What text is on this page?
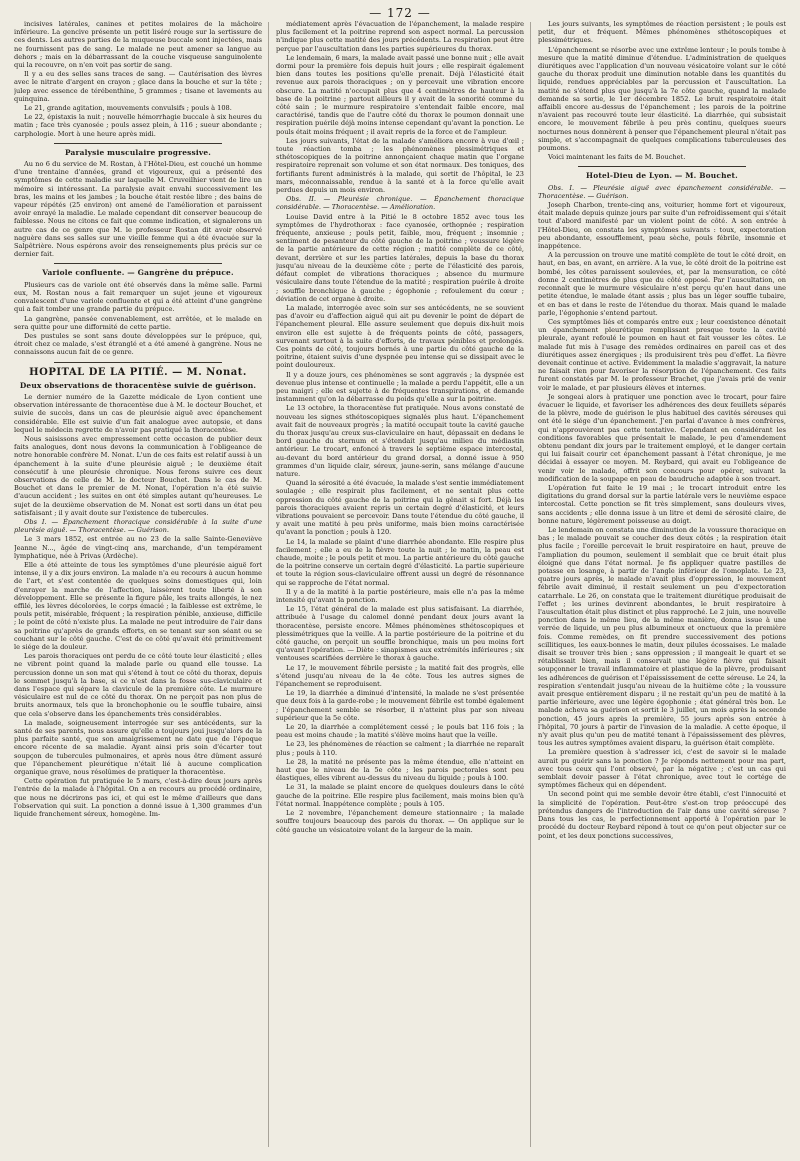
— 172 —

incisives latérales, canines et petites molaires de la mâchoire inférieure. La gencive présente un petit liséré rouge sur la sertissure de ces dents. Les autres parties de la muqueuse buccale sont injectées, mais ne fournissent pas de sang. Le malade ne peut amener sa langue au dehors ; mais en la débarrassant de la couche visqueuse sanguinolente qui la recouvre, on n'en voit pas sortir de sang.

Il y a eu des selles sans traces de sang. — Cautérisation des lèvres avec le nitrate d'argent en crayon ; glace dans la bouche et sur la tête ; julep avec essence de térébenthine, 5 grammes ; tisane et lavements au quinquina.

Le 21, grande agitation, mouvements convulsifs ; pouls à 108.

Le 22, épistaxis la nuit ; nouvelle hémorrhagie buccale à six heures du matin ; face très cyanosée ; pouls assez plein, à 116 ; sueur abondante ; carphologie. Mort à une heure après midi.

Paralysie musculaire progressive.

Au no 6 du service de M. Rostan, à l'Hôtel-Dieu, est couché un homme d'une trentaine d'années, grand et vigoureux, qui a présenté des symptômes de cette maladie sur laquelle M. Cruveilhier vient de lire un mémoire si intéressant. La paralysie avait envahi successivement les bras, les mains et les jambes ; la bouche était restée libre ; des bains de vapeur répétés (25 environ) ont amené de l'amélioration et paraissent avoir enrayé la maladie. Le malade cependant dit conserver beaucoup de faiblesse. Nous ne citons ce fait que comme indication, et signalerons un autre cas de ce genre que M. le professeur Rostan dit avoir observé naguère dans ses salles sur une vieille femme qui a été évacuée sur la Salpêtrière. Nous espérons avoir des renseignements plus précis sur ce dernier fait.

Variole confluente. — Gangrène du prépuce.

Plusieurs cas de variole ont été observés dans la même salle. Parmi eux, M. Rostan nous a fait remarquer un sujet jeune et vigoureux convalescent d'une variole confluente et qui a été atteint d'une gangrène qui a fait tomber une grande partie du prépuce.

La gangrène, pansée convenablement, est arrêtée, et le malade en sera quitte pour une difformité de cette partie.

Des pustules se sont sans doute développées sur le prépuce, qui, étroit chez ce malade, s'est étranglé et a été amené à gangrène. Nous ne connaissons aucun fait de ce genre.

HOPITAL DE LA PITIÉ. — M. Nonat.
Deux observations de thoracentèse suivie de guérison.

Le dernier numéro de la Gazette médicale de Lyon contient une observation intéressante de thoracentèse due à M. le docteur Bouchet, et suivie de succès, dans un cas de pleurésie aiguë avec épanchement considérable. Elle est suivie d'un fait analogue avec autopsie, et dans lequel le médecin regrette de n'avoir pas pratiqué la thoracentèse.

Nous saisissons avec empressement cette occasion de publier deux faits analogues, dont nous devons la communication à l'obligeance de notre honorable confrère M. Nonat. L'un de ces faits est relatif aussi à un épanchement à la suite d'une pleurésie aiguë ; le deuxième était consécutif à une pleurésie chronique. Nous ferons suivre ces deux observations de celle de M. le docteur Bouchet. Dans le cas de M. Bouchet et dans le premier de M. Nonat, l'opération n'a été suivie d'aucun accident ; les suites en ont été simples autant qu'heureuses. Le sujet de la deuxième observation de M. Nonat est sorti dans un état peu satisfaisant ; il y avait doute sur l'existence de tubercules.

Obs I. — Épanchement thoracique considérable à la suite d'une pleurésie aiguë. — Thoracentèse. — Guérison.

Le 3 mars 1852, est entrée au no 23 de la salle Sainte-Geneviève Jeanne N..., âgée de vingt-cinq ans, marchande, d'un tempérament lymphatique, née à Privas (Ardèche).

Elle a été atteinte de tous les symptômes d'une pleurésie aiguë fort intense, il y a dix jours environ. La malade n'a eu recours à aucun homme de l'art, et s'est contentée de quelques soins domestiques qui, loin d'enrayer la marche de l'affection, laissèrent toute liberté à son développement. Elle se présente la figure pâle, les traits allongés, le nez effilé, les lèvres décolorées, le corps émacié ; la faiblesse est extrême, le pouls petit, misérable, fréquent ; la respiration pénible, anxieuse, difficile ; le point de côté n'existe plus. La malade ne peut introduire de l'air dans sa poitrine qu'après de grands efforts, en se tenant sur son séant ou se couchant sur le côté gauche. C'est de ce côté qu'avait été primitivement le siége de la douleur.

Les parois thoraciques ont perdu de ce côté toute leur élasticité ; elles ne vibrent point quand la malade parle ou quand elle tousse. La percussion donne un son mat qui s'étend à tout ce côté du thorax, depuis le sommet jusqu'à la base, si ce n'est dans la fosse sus-claviculaire et dans l'espace qui sépare la clavicule de la première côte. Le murmure vésiculaire est nul de ce côté du thorax. On ne perçoit pas non plus de bruits anormaux, tels que la bronchophonie ou le souffle tubaire, ainsi que cela s'observe dans les épanchements très considérables.

La malade, soigneusement interrogée sur ses antécédents, sur la santé de ses parents, nous assure qu'elle a toujours joui jusqu'alors de la plus parfaite santé, que son amaigrissement ne date que de l'époque encore récente de sa maladie. Ayant ainsi pris soin d'écarter tout soupçon de tubercules pulmonaires, et après nous être dûment assuré que l'épanchement pleurétique n'était lié à aucune complication organique grave, nous résolûmes de pratiquer la thoracentèse.

Cette opération fut pratiquée le 5 mars, c'est-à-dire deux jours après l'entrée de la malade à l'hôpital. On a en recours au procédé ordinaire, que nous ne décrirons pas ici, et qui est le même d'ailleurs que dans l'observation qui suit. La ponction a donné issue à 1,300 grammes d'un liquide franchement séreux, homogène. Im-

médiatement après l'évacuation de l'épanchement, la malade respire plus facilement et la poitrine reprend son aspect normal. La percussion n'indique plus cette matité des jours précédents. La respiration peut être perçue par l'auscultation dans les parties supérieures du thorax.

Le lendemain, 6 mars, la malade avait passé une bonne nuit ; elle avait dormi pour la première fois depuis huit jours ; elle respirait également bien dans toutes les positions qu'elle prenait. Déjà l'élasticité était revenue aux parois thoraciques ; on y percevait une vibration encore obscure. La matité n'occupait plus que 4 centimètres de hauteur à la base de la poitrine ; partout ailleurs il y avait de la sonorité comme du côté sain ; le murmure respiratoire s'entendait faible encore, mal caractérisé, tandis que de l'autre côté du thorax le poumon donnait une respiration puérile déjà moins intense cependant qu'avant la ponction. Le pouls était moins fréquent ; il avait repris de la force et de l'ampleur.

Les jours suivants, l'état de la malade s'améliora encore à vue d'œil ; toute réaction tomba ; les phénomènes plessimétriques et sthétoscopiques de la poitrine annonçaient chaque matin que l'organe respiratoire reprenait son volume et son état normaux. Des toniques, des fortifiants furent administrés à la malade, qui sortit de l'hôpital, le 23 mars, méconnaissable, rendue à la santé et à la force qu'elle avait perdues depuis un mois environ.

Obs. II. — Pleurésie chronique. — Épanchement thoracique considérable. — Thoracentèse. — Amélioration.

Louise David entre à la Pitié le 8 octobre 1852 avec tous les symptômes de l'hydrothorax : face cyanosée, orthopnée ; respiration fréquente, anxieuse ; pouls petit, faible, mou, fréquent ; insomnie ; sentiment de pesanteur du côté gauche de la poitrine ; voussure légère de la partie antérieure de cette région ; matité complète de ce côté, devant, derrière et sur les parties latérales, depuis la base du thorax jusqu'au niveau de la deuxième côte ; perte de l'élasticité des parois, défaut complet de vibrations thoraciques ; absence du murmure vésiculaire dans toute l'étendue de la matité ; respiration puérile à droite ; souffle bronchique à gauche ; égophonie ; refoulement du cœur ; déviation de cet organe à droite.

La malade, interrogée avec soin sur ses antécédents, ne se souvient pas d'avoir eu d'affection aiguë qui ait pu devenir le point de départ de l'épanchement pleural. Elle assure seulement que depuis dix-huit mois environ elle est sujette à de fréquents points de côté, passagers, survenant surtout à la suite d'efforts, de travaux pénibles et prolongés. Ces points de côté, toujours bornés à une partie du côté gauche de la poitrine, étaient suivis d'une dyspnée peu intense qui se dissipait avec le point douloureux.

Il y a douze jours, ces phénomènes se sont aggravés ; la dyspnée est devenue plus intense et continuelle ; la malade a perdu l'appétit, elle a un peu maigri ; elle est sujette à de fréquentes transpirations, et demande instamment qu'on la débarrasse du poids qu'elle a sur la poitrine.

Le 13 octobre, la thoracentèse fut pratiquée. Nous avons constaté de nouveau les signes sthétoscopiques signalés plus haut. L'épanchement avait fait de nouveaux progrès ; la matité occupait toute la cavité gauche du thorax jusqu'au creux sus-claviculaire en haut, dépassait en dedans le bord gauche du sternum et s'étendait jusqu'au milieu du médiastin antérieur. Le trocart, enfoncé à travers le septième espace intercostal, au-devant du bord antérieur du grand dorsal, a donné issue à 950 grammes d'un liquide clair, séreux, jaune-serin, sans mélange d'aucune nature.

Quand la sérosité a été évacuée, la malade s'est sentie immédiatement soulagée ; elle respirait plus facilement, et ne sentait plus cette oppression du côté gauche de la poitrine qui la gênait si fort. Déjà les parois thoraciques avaient repris un certain degré d'élasticité, et leurs vibrations pouvaient se percevoir. Dans toute l'étendue du côté gauche, il y avait une matité à peu près uniforme, mais bien moins caractérisée qu'avant la ponction ; pouls à 120.

Le 14, la malade se plaint d'une diarrhée abondante. Elle respire plus facilement ; elle a eu de la fièvre toute la nuit ; le matin, la peau est chaude, moite ; le pouls petit et mou. La partie antérieure du côté gauche de la poitrine conserve un certain degré d'élasticité. La partie supérieure et toute la région sous-claviculaire offrent aussi un degré de résonnance qui se rapproche de l'état normal.

Il y a de la matité à la partie postérieure, mais elle n'a pas la même intensité qu'avant la ponction.

Le 15, l'état général de la malade est plus satisfaisant. La diarrhée, attribuée à l'usage du calomel donné pendant deux jours avant la thoracentèse, persiste encore. Mêmes phénomènes sthétoscopiques et plessimétriques que la veille. A la partie postérieure de la poitrine et du côté gauche, on perçoit un souffle bronchique, mais un peu moins fort qu'avant l'opération. — Diète : sinapismes aux extrémités inférieures ; six ventouses scarifiées derrière le thorax à gauche.

Le 17, le mouvement fébrile persiste ; la matité fait des progrès, elle s'étend jusqu'au niveau de la 4e côte. Tous les autres signes de l'épanchement se reproduisent.

Le 19, la diarrhée a diminué d'intensité, la malade ne s'est présentée que deux fois à la garde-robe ; le mouvement fébrile est tombé également ; l'épanchement semble se résorber, il n'atteint plus par son niveau supérieur que la 5e côte.

Le 20, la diarrhée a complétement cessé ; le pouls bat 116 fois ; la peau est moins chaude ; la matité s'élève moins haut que la veille.

Le 23, les phénomènes de réaction se calment ; la diarrhée ne reparaît plus ; pouls à 110.

Le 28, la matité ne présente pas la même étendue, elle n'atteint en haut que le niveau de la 5e côte ; les parois pectorales sont peu élastiques, elles vibrent au-dessus du niveau du liquide ; pouls à 100.

Le 31, la malade se plaint encore de quelques douleurs dans le côté gauche de la poitrine. Elle respire plus facilement, mais moins bien qu'à l'état normal. Inappétence complète ; pouls à 105.

Le 2 novembre, l'épanchement demeure stationnaire ; la malade souffre toujours beaucoup des parois du thorax. — On applique sur le côté gauche un vésicatoire volant de la largeur de la main.

Les jours suivants, les symptômes de réaction persistent ; le pouls est petit, dur et fréquent. Mêmes phénomènes sthétoscopiques et plessimétriques.

L'épanchement se résorbe avec une extrême lenteur ; le pouls tombe à mesure que la matité diminue d'étendue. L'administration de quelques diurétiques avec l'application d'un nouveau vésicatoire volant sur le côté gauche du thorax produit une diminution notable dans les quantités du liquide, rendues appréciables par la percussion et l'auscultation. La matité ne s'étend plus que jusqu'à la 7e côte gauche, quand la malade demande sa sortie, le 1er décembre 1852. Le bruit respiratoire était affaibli encore au-dessus de l'épanchement ; les parois de la poitrine n'avaient pas recouvré toute leur élasticité. La diarrhée, qui subsistait encore, le mouvement fébrile à peu près continu, quelques sueurs nocturnes nous donnèrent à penser que l'épanchement pleural n'était pas simple, et s'accompagnait de quelques complications tuberculeuses des poumons.

Voici maintenant les faits de M. Bouchet.

Hotel-Dieu de Lyon. — M. Bouchet.

Obs. I. — Pleurésie aiguë avec épanchement considérable. — Thoracentèse. — Guérison.

Joseph Charbon, trente-cinq ans, voiturier, homme fort et vigoureux, était malade depuis quinze jours par suite d'un refroidissement qui s'était tout d'abord manifesté par un violent point de côté. A son entrée à l'Hôtel-Dieu, on constata les symptômes suivants : toux, expectoration peu abondante, essoufflement, peau sèche, pouls fébrile, insomnie et inappétence.

A la percussion on trouve une matité complète de tout le côté droit, en haut, en bas, en avant, en arrière. A la vue, le côté droit de la poitrine est bombé, les côtes paraissent soulevées, et, par la mensuration, ce côté donne 2 centimètres de plus que du côté opposé. Par l'auscultation, on reconnaît que le murmure vésiculaire n'est perçu qu'en haut dans une petite étendue, le malade étant assis ; plus bas un léger souffle tubaire, et en bas et dans le reste de l'étendue du thorax. Mais quand le malade parle, l'égophonie s'entend partout.

Ces symptômes liés et comparés entre eux ; leur coexistence dénotait un épanchement pleurétique remplissant presque toute la cavité pleurale, ayant refoulé le poumon en haut et fait vousser les côtes. Le malade fut mis à l'usage des remèdes ordinaires en pareil cas et des diurétiques assez énergiques ; ils produisirent très peu d'effet. La fièvre devenait continue et active. Évidemment la maladie s'aggravait, la nature ne faisait rien pour favoriser la résorption de l'épanchement. Ces faits furent constatés par M. le professeur Brachet, que j'avais prié de venir voir le malade, et par plusieurs élèves et internes.

Je songeai alors à pratiquer une ponction avec le trocart, pour faire évacuer le liquide, et favoriser les adhérences des deux feuillets séparés de la plèvre, mode de guérison le plus habituel des cavités séreuses qui ont été le siége d'un épanchement. J'en parlai d'avance à mes confrères, qui n'approuvèrent pas cette tentative. Cependant en considérant les conditions favorables que présentait le malade, le peu d'amendement obtenu pendant dix jours par le traitement employé, et le danger certain qui lui faisait courir cet épanchement passant à l'état chronique, je me décidai à essayer ce moyen. M. Reybard, qui avait eu l'obligeance de venir voir le malade, offrit son concours pour opérer, suivant la modification de la soupape en peau de baudruche adaptée à son trocart.

L'opération fut faite le 19 mai ; le trocart introduit entre les digitations du grand dorsal sur la partie latérale vers le neuvième espace intercostal. Cette ponction se fit très simplement, sans douleurs vives, sans accidents ; elle donna issue à un litre et demi de sérosité claire, de bonne nature, légèrement poisseuse au doigt.

Le lendemain on constata une diminution de la voussure thoracique en bas ; le malade pouvait se coucher des deux côtés ; la respiration était plus facile ; l'oreille percevait le bruit respiratoire en haut, preuve de l'ampliation du poumon, seulement il semblait que ce bruit était plus éloigné que dans l'état normal. Je fis appliquer quatre pastilles de potasse en losange, à partir de l'angle inférieur de l'omoplate. Le 23, quatre jours après, le malade n'avait plus d'oppression, le mouvement fébrile avait diminué, il restait seulement un peu d'expectoration catarrhale. Le 26, on constata que le traitement diurétique produisait de l'effet ; les urines devinrent abondantes, le bruit respiratoire à l'auscultation était plus distinct et plus rapproché. Le 2 juin, une nouvelle ponction dans le même lieu, de la même manière, donna issue à une verrée de liquide, un peu plus albumineux et onctueux que la première fois. Comme remèdes, on fit prendre successivement des potions scillitiques, les eaux-bonnes le matin, deux pilules écossaises. Le malade disait se trouver très bien ; sans oppression ; il mangeait le quart et se rétablissait bien, mais il conservait une légère fièvre qui faisait soupçonner le travail inflammatoire et plastique de la plèvre, produisant les adhérences de guérison et l'épaississement de cette séreuse. Le 24, la respiration s'entendait jusqu'au niveau de la huitième côte ; la voussure avait presque entièrement disparu ; il ne restait qu'un peu de matité à la partie inférieure, avec une légère égophonie ; état général très bon. Le malade acheva sa guérison et sortit le 3 juillet, un mois après la seconde ponction, 45 jours après la première, 55 jours après son entrée à l'hôpital, 70 jours à partir de l'invasion de la maladie. A cette époque, il n'y avait plus qu'un peu de matité tenant à l'épaississement des plèvres, tous les autres symptômes avaient disparu, la guérison était complète.

La première question à s'adresser ici, c'est de savoir si le malade aurait pu guérir sans la ponction ? Je réponds nettement pour ma part, avec tous ceux qui l'ont observé, par la négative ; c'est un cas qui semblait devoir passer à l'état chronique, avec tout le cortége de symptômes fâcheux qui en dépendent.

Un second point qui me semble devoir être établi, c'est l'innocuité et la simplicité de l'opération. Peut-être s'est-on trop préoccupé des prétendus dangers de l'introduction de l'air dans une cavité séreuse ? Dans tous les cas, le perfectionnement apporté à l'opération par le procédé du docteur Reybard répond à tout ce qu'on peut objecter sur ce point, et les deux ponctions successives,
